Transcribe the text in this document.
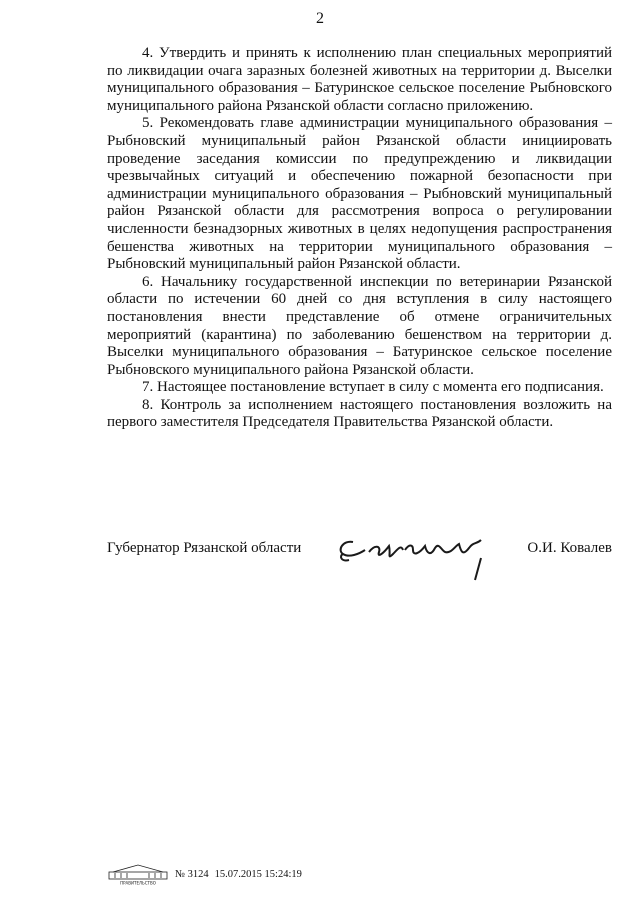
2

4. Утвердить и принять к исполнению план специальных мероприятий по ликвидации очага заразных болезней животных на территории д. Выселки муниципального образования – Батуринское сельское поселение Рыбновского муниципального района Рязанской области согласно приложению.

5. Рекомендовать главе администрации муниципального образования – Рыбновский муниципальный район Рязанской области инициировать проведение заседания комиссии по предупреждению и ликвидации чрезвычайных ситуаций и обеспечению пожарной безопасности при администрации муниципального образования – Рыбновский муниципальный район Рязанской области для рассмотрения вопроса о регулировании численности безнадзорных животных в целях недопущения распространения бешенства животных на территории муниципального образования – Рыбновский муниципальный район Рязанской области.

6. Начальнику государственной инспекции по ветеринарии Рязанской области по истечении 60 дней со дня вступления в силу настоящего постановления внести представление об отмене ограничительных мероприятий (карантина) по заболеванию бешенством на территории д. Выселки муниципального образования – Батуринское сельское поселение Рыбновского муниципального района Рязанской области.

7. Настоящее постановление вступает в силу с момента его подписания.

8. Контроль за исполнением настоящего постановления возложить на первого заместителя Председателя Правительства Рязанской области.

Губернатор Рязанской области	О.И. Ковалев
ПРАВИТЕЛЬСТВО
№ 3124 15.07.2015 15:24:19
